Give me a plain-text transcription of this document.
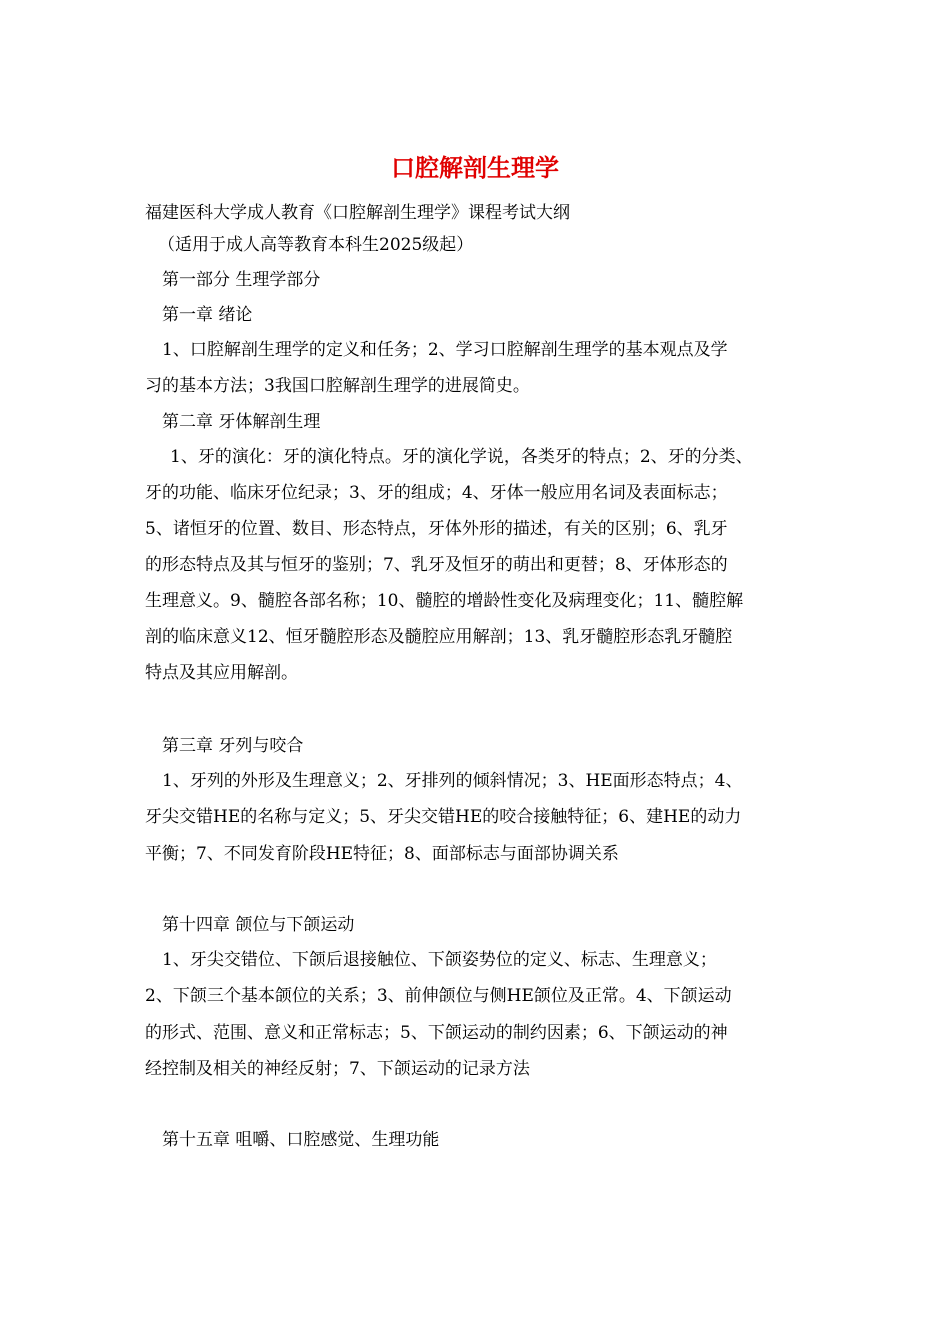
口腔解剖生理学
福建医科大学成人教育《口腔解剖生理学》课程考试大纲
（适用于成人高等教育本科生2025级起）
第一部分 生理学部分
第一章 绪论
1、口腔解剖生理学的定义和任务；2、学习口腔解剖生理学的基本观点及学
习的基本方法；3我国口腔解剖生理学的进展简史。
第二章 牙体解剖生理
1、牙的演化：牙的演化特点。牙的演化学说，各类牙的特点；2、牙的分类、
牙的功能、临床牙位纪录；3、牙的组成；4、牙体一般应用名词及表面标志；
5、诸恒牙的位置、数目、形态特点，牙体外形的描述，有关的区别；6、乳牙
的形态特点及其与恒牙的鉴别；7、乳牙及恒牙的萌出和更替；8、牙体形态的
生理意义。9、髓腔各部名称；10、髓腔的增龄性变化及病理变化；11、髓腔解
剖的临床意义12、恒牙髓腔形态及髓腔应用解剖；13、乳牙髓腔形态乳牙髓腔
特点及其应用解剖。
第三章 牙列与咬合
1、牙列的外形及生理意义；2、牙排列的倾斜情况；3、HE面形态特点；4、
牙尖交错HE的名称与定义；5、牙尖交错HE的咬合接触特征；6、建HE的动力
平衡；7、不同发育阶段HE特征；8、面部标志与面部协调关系
第十四章 颌位与下颌运动
1、牙尖交错位、下颌后退接触位、下颌姿势位的定义、标志、生理意义；
2、下颌三个基本颌位的关系；3、前伸颌位与侧HE颌位及正常。4、下颌运动
的形式、范围、意义和正常标志；5、下颌运动的制约因素；6、下颌运动的神
经控制及相关的神经反射；7、下颌运动的记录方法
第十五章 咀嚼、口腔感觉、生理功能
